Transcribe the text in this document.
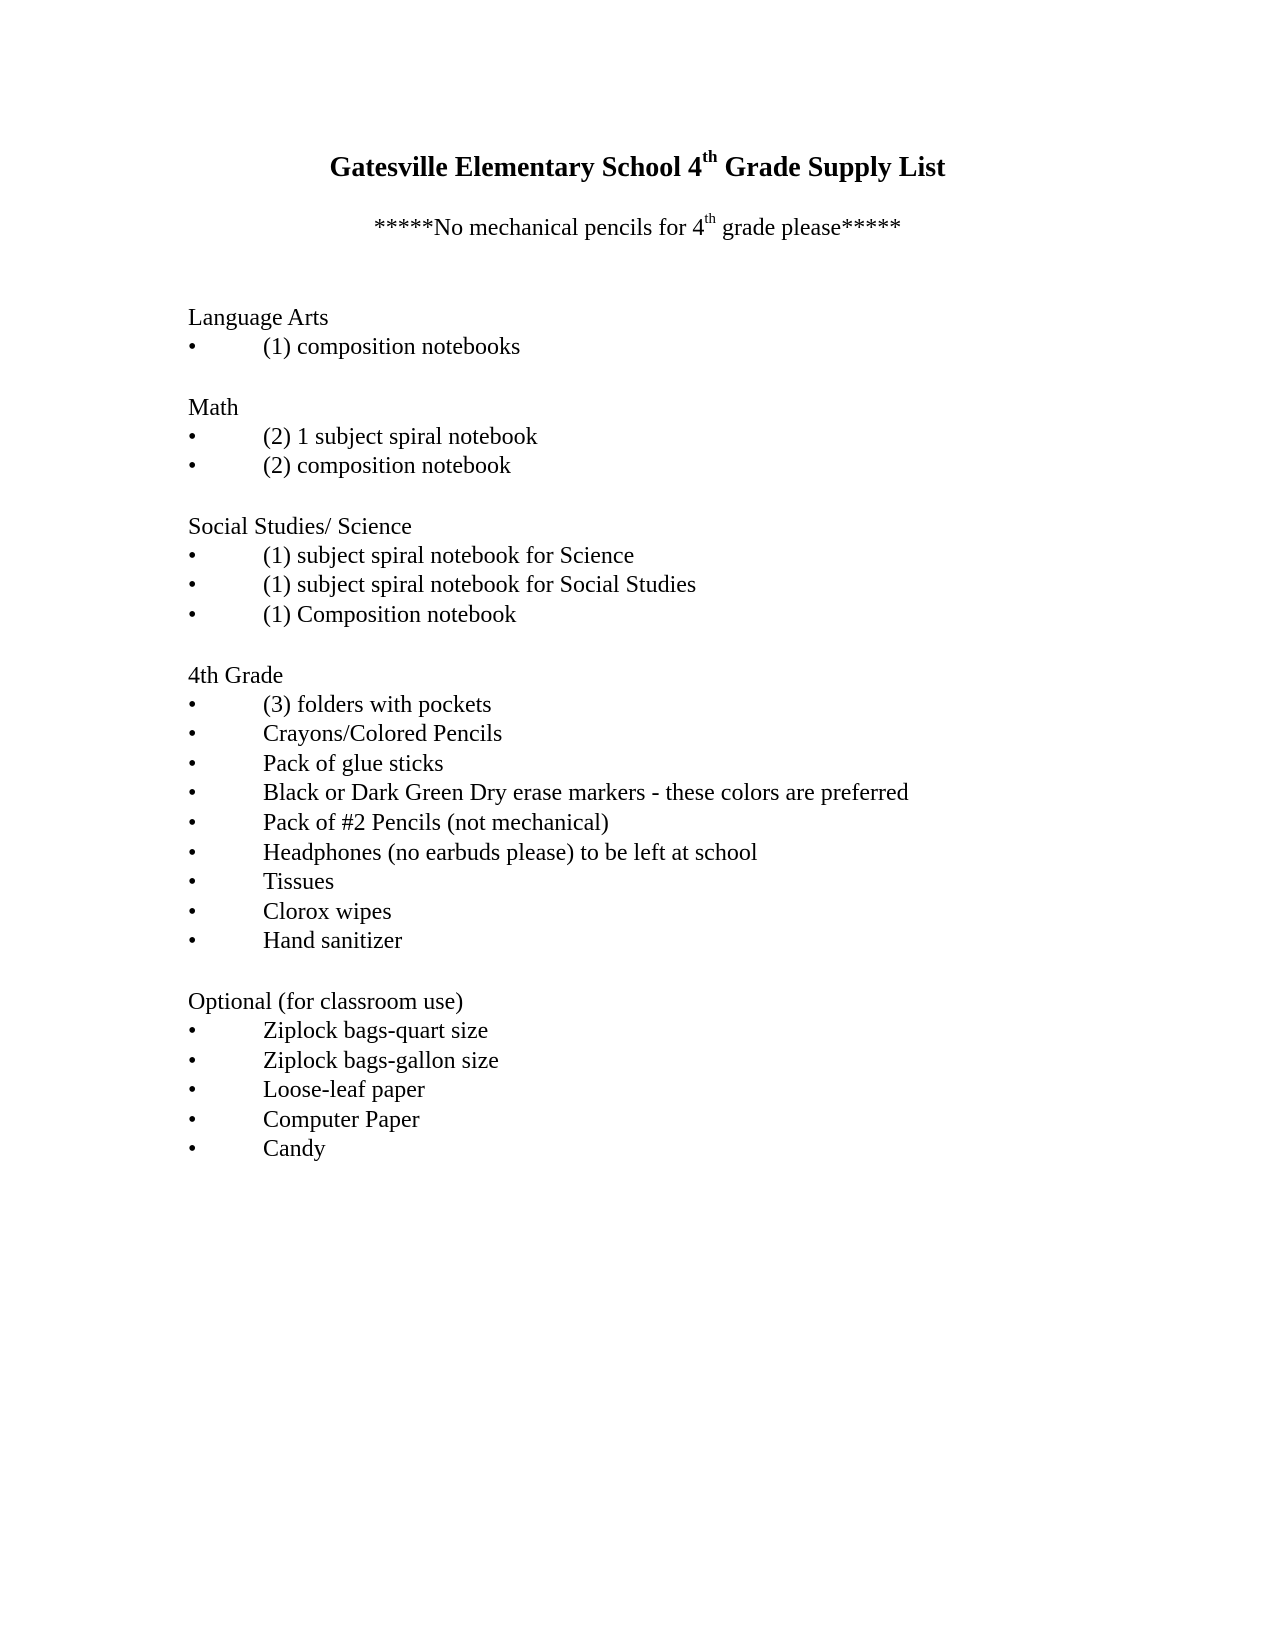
Gatesville Elementary School 4th Grade Supply List
*****No mechanical pencils for 4th grade please*****
Language Arts
•	(1) composition notebooks
Math
•	(2) 1 subject spiral notebook
•	(2) composition notebook
Social Studies/ Science
•	(1) subject spiral notebook for Science
•	(1) subject spiral notebook for Social Studies
•	(1) Composition notebook
4th Grade
•	(3) folders with pockets
•	Crayons/Colored Pencils
•	Pack of glue sticks
•	Black or Dark Green Dry erase markers - these colors are preferred
•	Pack of #2 Pencils (not mechanical)
•	Headphones (no earbuds please) to be left at school
•	Tissues
•	Clorox wipes
•	Hand sanitizer
Optional (for classroom use)
•	Ziplock bags-quart size
•	Ziplock bags-gallon size
•	Loose-leaf paper
•	Computer Paper
•	Candy
